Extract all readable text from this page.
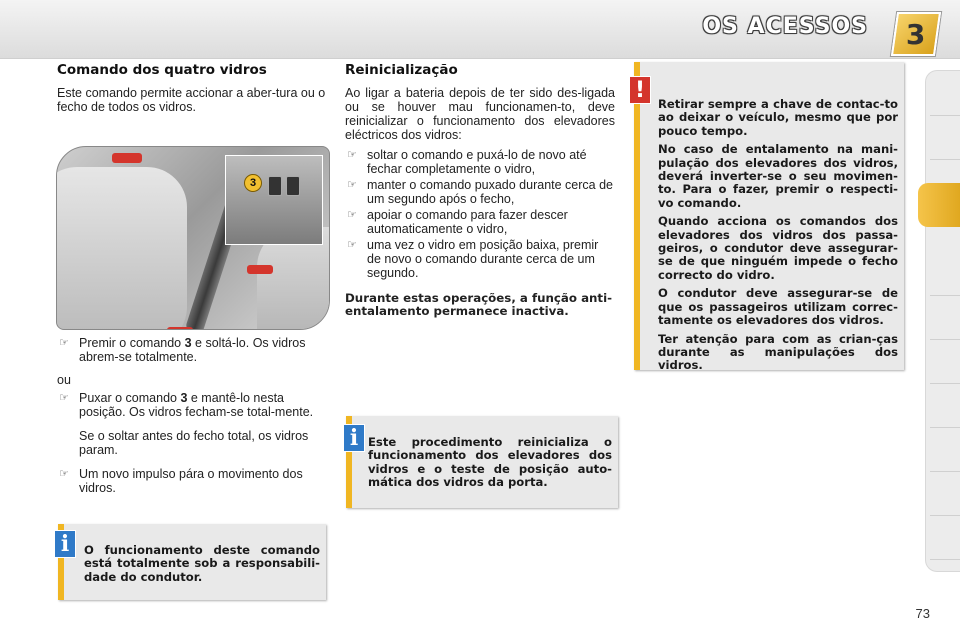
OS ACESSOS 3
Comando dos quatro vidros

Este comando permite accionar a aber-tura ou o fecho de todos os vidros.

3
☞ Premir o comando 3 e soltá-lo. Os vidros abrem-se totalmente.

ou

☞ Puxar o comando 3 e mantê-lo nesta posição. Os vidros fecham-se total-mente.
Se o soltar antes do fecho total, os vidros param.
☞ Um novo impulso pára o movimento dos vidros.
O funcionamento deste comando está totalmente sob a responsabili-dade do condutor.
i
Reinicialização

Ao ligar a bateria depois de ter sido des-ligada ou se houver mau funcionamen-to, deve reinicializar o funcionamento dos elevadores eléctricos dos vidros:

☞ soltar o comando e puxá-lo de novo até fechar completamente o vidro,
☞ manter o comando puxado durante cerca de um segundo após o fecho,
☞ apoiar o comando para fazer descer automaticamente o vidro,
☞ uma vez o vidro em posição baixa, premir de novo o comando durante cerca de um segundo.

Durante estas operações, a função anti-entalamento permanece inactiva.

Este procedimento reinicializa o funcionamento dos elevadores dos vidros e o teste de posição auto-mática dos vidros da porta.
i

Retirar sempre a chave de contac-to ao deixar o veículo, mesmo que por pouco tempo.

No caso de entalamento na mani-pulação dos elevadores dos vidros, deverá inverter-se o seu movimen-to. Para o fazer, premir o respecti-vo comando.

Quando acciona os comandos dos elevadores dos vidros dos passa-geiros, o condutor deve assegurar-se de que ninguém impede o fecho correcto do vidro.

O condutor deve assegurar-se de que os passageiros utilizam correc-tamente os elevadores dos vidros.

Ter atenção para com as crian-ças durante as manipulações dos vidros.

!
73
